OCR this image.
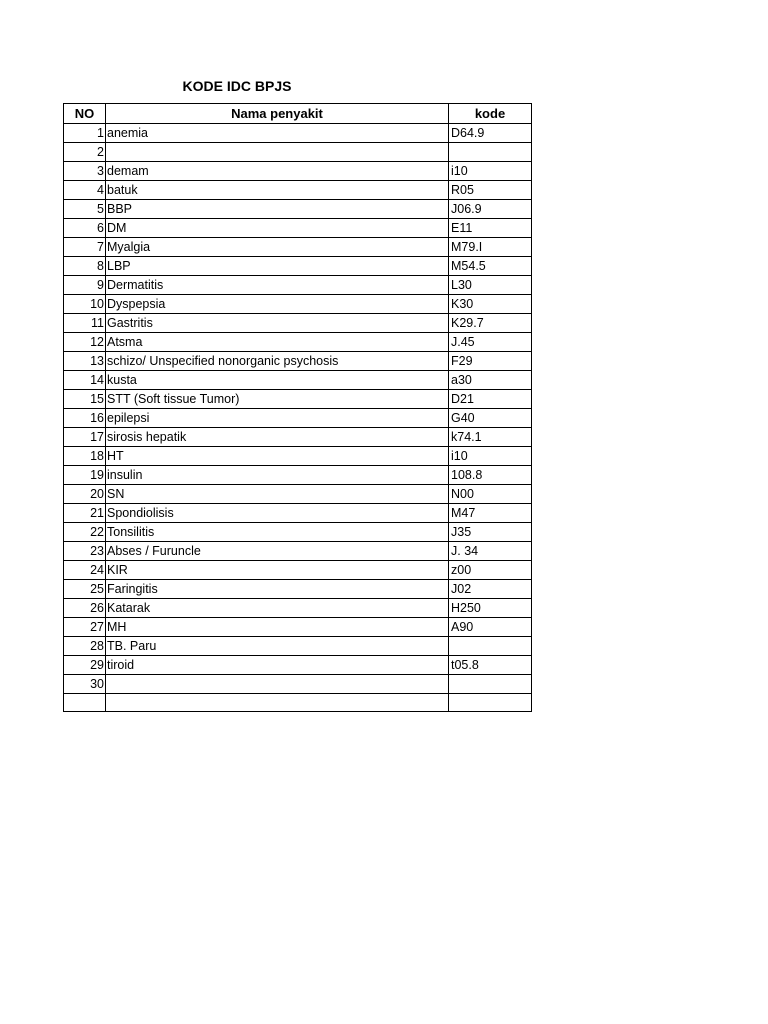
KODE IDC BPJS
NO	Nama penyakit	kode
1	anemia	D64.9
2		
3	demam	i10
4	batuk	R05
5	BBP	J06.9
6	DM	E11
7	Myalgia	M79.I
8	LBP	M54.5
9	Dermatitis	L30
10	Dyspepsia	K30
11	Gastritis	K29.7
12	Atsma	J.45
13	schizo/ Unspecified nonorganic psychosis	F29
14	kusta	a30
15	STT (Soft tissue Tumor)	D21
16	epilepsi	G40
17	sirosis hepatik	k74.1
18	HT	i10
19	insulin	108.8
20	SN	N00
21	Spondiolisis	M47
22	Tonsilitis	J35
23	Abses / Furuncle	J. 34
24	KIR	z00
25	Faringitis	J02
26	Katarak	H250
27	MH	A90
28	TB. Paru	
29	tiroid	t05.8
30		
